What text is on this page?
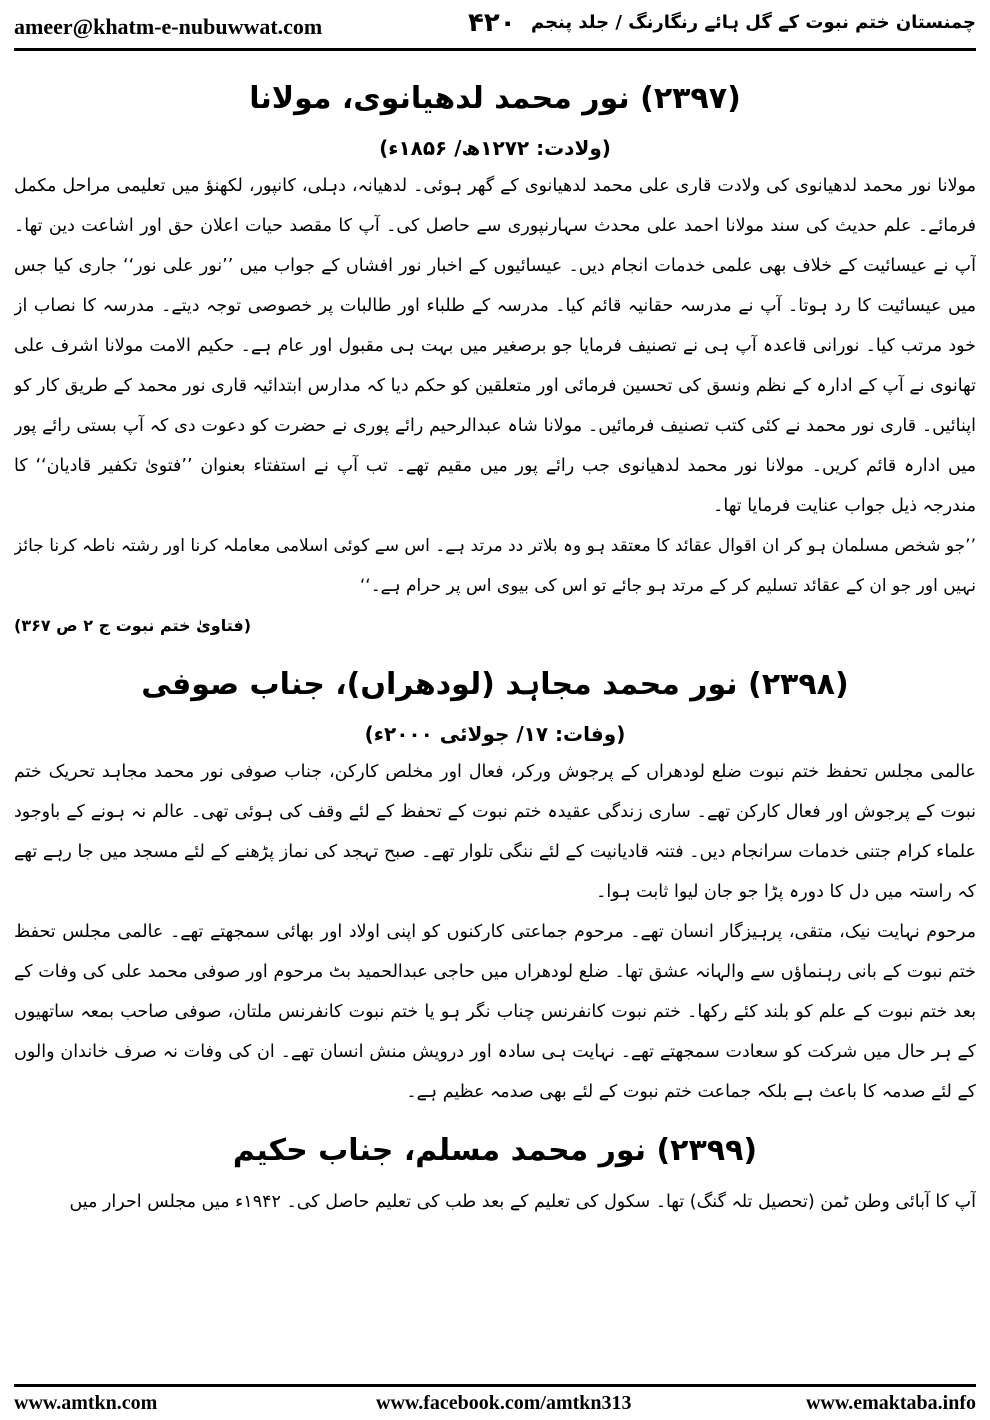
ameer@khatm-e-nubuwwat.com	۴۲۰ چمنستان ختم نبوت کے گل ہائے رنگارنگ / جلد پنجم
(۲۳۹۷) نور محمد لدھیانوی، مولانا
(ولادت: ۱۲۷۲ھ/ ۱۸۵۶ء)

مولانا نور محمد لدھیانوی کی ولادت قاری علی محمد لدھیانوی کے گھر ہوئی۔ لدھیانہ، دہلی، کانپور، لکھنؤ میں تعلیمی مراحل مکمل فرمائے۔ علم حدیث کی سند مولانا احمد علی محدث سہارنپوری سے حاصل کی۔ آپ کا مقصد حیات اعلان حق اور اشاعت دین تھا۔ آپ نے عیسائیت کے خلاف بھی علمی خدمات انجام دیں۔ عیسائیوں کے اخبار نور افشاں کے جواب میں ’’نور علی نور‘‘ جاری کیا جس میں عیسائیت کا رد ہوتا۔ آپ نے مدرسہ حقانیہ قائم کیا۔ مدرسہ کے طلباء اور طالبات پر خصوصی توجہ دیتے۔ مدرسہ کا نصاب از خود مرتب کیا۔ نورانی قاعدہ آپ ہی نے تصنیف فرمایا جو برصغیر میں بہت ہی مقبول اور عام ہے۔ حکیم الامت مولانا اشرف علی تھانوی نے آپ کے ادارہ کے نظم ونسق کی تحسین فرمائی اور متعلقین کو حکم دیا کہ مدارس ابتدائیہ قاری نور محمد کے طریق کار کو اپنائیں۔ قاری نور محمد نے کئی کتب تصنیف فرمائیں۔ مولانا شاہ عبدالرحیم رائے پوری نے حضرت کو دعوت دی کہ آپ بستی رائے پور میں ادارہ قائم کریں۔ مولانا نور محمد لدھیانوی جب رائے پور میں مقیم تھے۔ تب آپ نے استفتاء بعنوان ’’فتویٰ تکفیر قادیان‘‘ کا مندرجہ ذیل جواب عنایت فرمایا تھا۔

’’جو شخص مسلمان ہو کر ان اقوال عقائد کا معتقد ہو وہ بلاتر دد مرتد ہے۔ اس سے کوئی اسلامی معاملہ کرنا اور رشتہ ناطہ کرنا جائز نہیں اور جو ان کے عقائد تسلیم کر کے مرتد ہو جائے تو اس کی بیوی اس پر حرام ہے۔‘‘

(فتاویٰ ختم نبوت ج ۲ ص ۳۶۷)
(۲۳۹۸) نور محمد مجاہد (لودھراں)، جناب صوفی
(وفات: ۱۷/ جولائی ۲۰۰۰ء)

عالمی مجلس تحفظ ختم نبوت ضلع لودھراں کے پرجوش ورکر، فعال اور مخلص کارکن، جناب صوفی نور محمد مجاہد تحریک ختم نبوت کے پرجوش اور فعال کارکن تھے۔ ساری زندگی عقیدہ ختم نبوت کے تحفظ کے لئے وقف کی ہوئی تھی۔ عالم نہ ہونے کے باوجود علماء کرام جتنی خدمات سرانجام دیں۔ فتنہ قادیانیت کے لئے ننگی تلوار تھے۔ صبح تہجد کی نماز پڑھنے کے لئے مسجد میں جا رہے تھے کہ راستہ میں دل کا دورہ پڑا جو جان لیوا ثابت ہوا۔

مرحوم نہایت نیک، متقی، پرہیزگار انسان تھے۔ مرحوم جماعتی کارکنوں کو اپنی اولاد اور بھائی سمجھتے تھے۔ عالمی مجلس تحفظ ختم نبوت کے بانی رہنماؤں سے والہانہ عشق تھا۔ ضلع لودھراں میں حاجی عبدالحمید بٹ مرحوم اور صوفی محمد علی کی وفات کے بعد ختم نبوت کے علم کو بلند کئے رکھا۔ ختم نبوت کانفرنس چناب نگر ہو یا ختم نبوت کانفرنس ملتان، صوفی صاحب بمعہ ساتھیوں کے ہر حال میں شرکت کو سعادت سمجھتے تھے۔ نہایت ہی سادہ اور درویش منش انسان تھے۔ ان کی وفات نہ صرف خاندان والوں کے لئے صدمہ کا باعث ہے بلکہ جماعت ختم نبوت کے لئے بھی صدمہ عظیم ہے۔

(۲۳۹۹) نور محمد مسلم، جناب حکیم

آپ کا آبائی وطن ٹمن (تحصیل تلہ گنگ) تھا۔ سکول کی تعلیم کے بعد طب کی تعلیم حاصل کی۔ ۱۹۴۲ء میں مجلس احرار میں

www.amtkn.com	www.facebook.com/amtkn313	www.emaktaba.info
